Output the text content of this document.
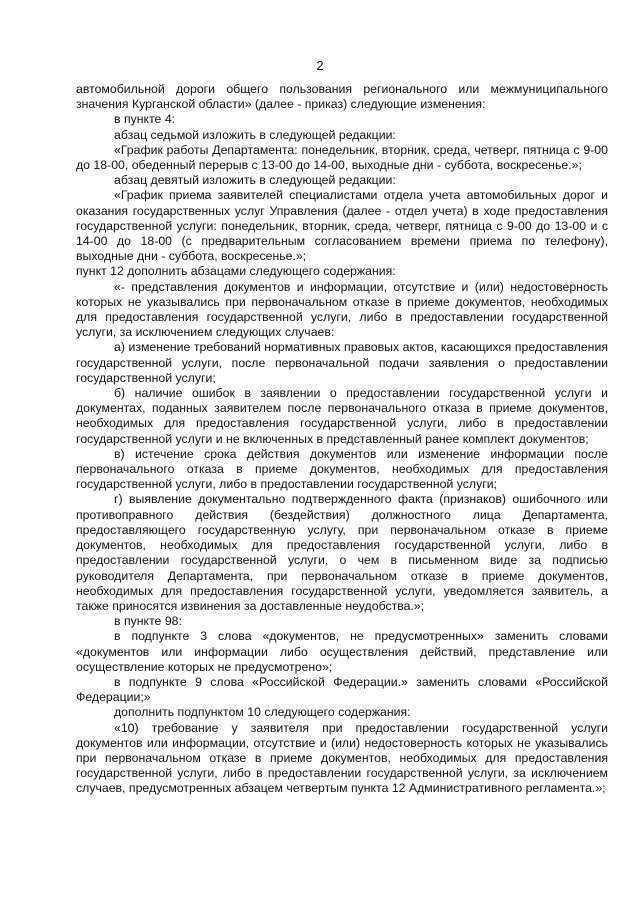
2

автомобильной дороги общего пользования регионального или межмуниципального значения Курганской области» (далее - приказ) следующие изменения:

в пункте 4:

абзац седьмой изложить в следующей редакции:

«График работы Департамента: понедельник, вторник, среда, четверг, пятница с 9-00 до 18-00, обеденный перерыв с 13-00 до 14-00, выходные дни - суббота, воскресенье.»;

абзац девятый изложить в следующей редакции:

«График приема заявителей специалистами отдела учета автомобильных дорог и оказания государственных услуг Управления (далее - отдел учета) в ходе предоставления государственной услуги: понедельник, вторник, среда, четверг, пятница с 9-00 до 13-00 и с 14-00 до 18-00 (с предварительным согласованием времени приема по телефону), выходные дни - суббота, воскресенье.»;

пункт 12 дополнить абзацами следующего содержания:

«- представления документов и информации, отсутствие и (или) недостоверность которых не указывались при первоначальном отказе в приеме документов, необходимых для предоставления государственной услуги, либо в предоставлении государственной услуги, за исключением следующих случаев:

а) изменение требований нормативных правовых актов, касающихся предоставления государственной услуги, после первоначальной подачи заявления о предоставлении государственной услуги;

б) наличие ошибок в заявлении о предоставлении государственной услуги и документах, поданных заявителем после первоначального отказа в приеме документов, необходимых для предоставления государственной услуги, либо в предоставлении государственной услуги и не включенных в представленный ранее комплект документов;

в) истечение срока действия документов или изменение информации после первоначального отказа в приеме документов, необходимых для предоставления государственной услуги, либо в предоставлении государственной услуги;

г) выявление документально подтвержденного факта (признаков) ошибочного или противоправного действия (бездействия) должностного лица Департамента, предоставляющего государственную услугу, при первоначальном отказе в приеме документов, необходимых для предоставления государственной услуги, либо в предоставлении государственной услуги, о чем в письменном виде за подписью руководителя Департамента, при первоначальном отказе в приеме документов, необходимых для предоставления государственной услуги, уведомляется заявитель, а также приносятся извинения за доставленные неудобства.»;

в пункте 98:

в подпункте 3 слова «документов, не предусмотренных» заменить словами «документов или информации либо осуществления действий, представление или осуществление которых не предусмотрено»;

в подпункте 9 слова «Российской Федерации.» заменить словами «Российской Федерации;»

дополнить подпунктом 10 следующего содержания:

«10) требование у заявителя при предоставлении государственной услуги документов или информации, отсутствие и (или) недостоверность которых не указывались при первоначальном отказе в приеме документов, необходимых для предоставления государственной услуги, либо в предоставлении государственной услуги, за исключением случаев, предусмотренных абзацем четвертым пункта 12 Административного регламента.»;
